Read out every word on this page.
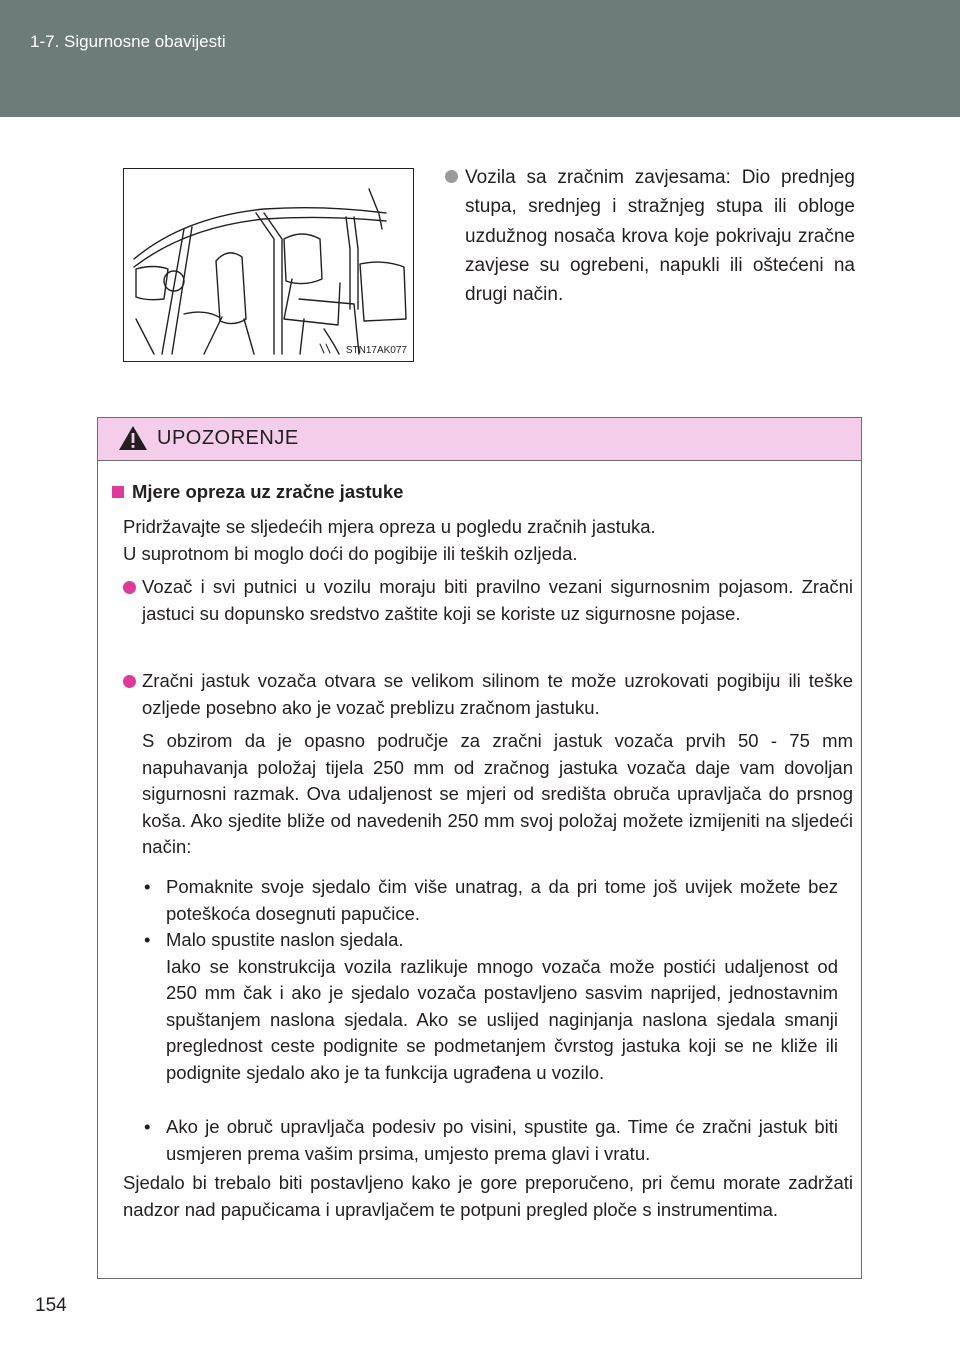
1-7. Sigurnosne obavijesti
STN17AK077
Vozila sa zračnim zavjesama: Dio prednjeg stupa, srednjeg i stražnjeg stupa ili obloge uzdužnog nosača krova koje pokrivaju zračne zavjese su ogrebeni, napukli ili oštećeni na drugi način.
UPOZORENJE
Mjere opreza uz zračne jastuke
Pridržavajte se sljedećih mjera opreza u pogledu zračnih jastuka.
U suprotnom bi moglo doći do pogibije ili teških ozljeda.
Vozač i svi putnici u vozilu moraju biti pravilno vezani sigurnosnim pojasom. Zračni jastuci su dopunsko sredstvo zaštite koji se koriste uz sigurnosne pojase.
Zračni jastuk vozača otvara se velikom silinom te može uzrokovati pogibiju ili teške ozljede posebno ako je vozač preblizu zračnom jastuku.
S obzirom da je opasno područje za zračni jastuk vozača prvih 50 - 75 mm napuhavanja položaj tijela 250 mm od zračnog jastuka vozača daje vam dovoljan sigurnosni razmak. Ova udaljenost se mjeri od središta obruča upravljača do prsnog koša. Ako sjedite bliže od navedenih 250 mm svoj položaj možete izmijeniti na sljedeći način:
• Pomaknite svoje sjedalo čim više unatrag, a da pri tome još uvijek možete bez poteškoća dosegnuti papučice.
• Malo spustite naslon sjedala.
Iako se konstrukcija vozila razlikuje mnogo vozača može postići udaljenost od 250 mm čak i ako je sjedalo vozača postavljeno sasvim naprijed, jednostavnim spuštanjem naslona sjedala. Ako se uslijed naginjanja naslona sjedala smanji preglednost ceste podignite se podmetanjem čvrstog jastuka koji se ne kliže ili podignite sjedalo ako je ta funkcija ugrađena u vozilo.
• Ako je obruč upravljača podesiv po visini, spustite ga. Time će zračni jastuk biti usmjeren prema vašim prsima, umjesto prema glavi i vratu.
Sjedalo bi trebalo biti postavljeno kako je gore preporučeno, pri čemu morate zadržati nadzor nad papučicama i upravljačem te potpuni pregled ploče s instrumentima.
154
